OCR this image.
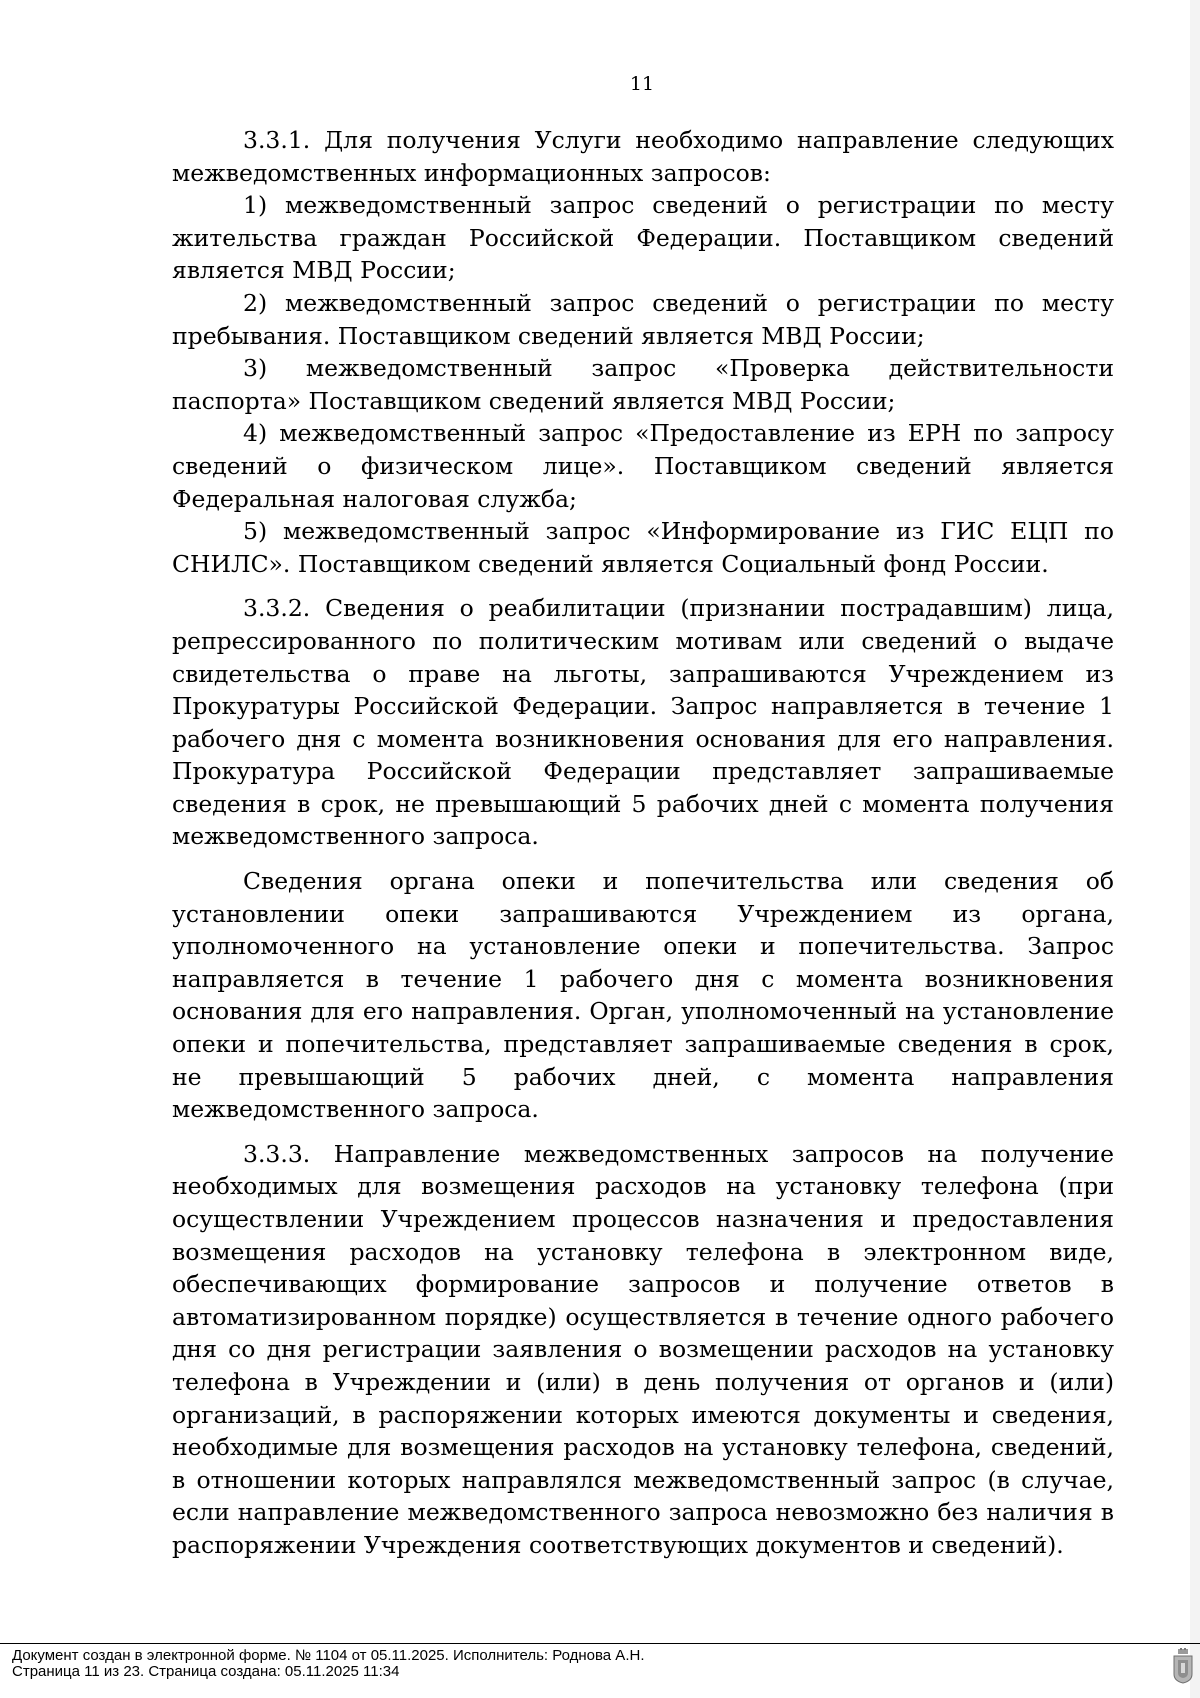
11

3.3.1. Для получения Услуги необходимо направление следующих межведомственных информационных запросов:

1) межведомственный запрос сведений о регистрации по месту жительства граждан Российской Федерации. Поставщиком сведений является МВД России;

2) межведомственный запрос сведений о регистрации по месту пребывания. Поставщиком сведений является МВД России;

3) межведомственный запрос «Проверка действительности паспорта» Поставщиком сведений является МВД России;

4) межведомственный запрос «Предоставление из ЕРН по запросу сведений о физическом лице». Поставщиком сведений является Федеральная налоговая служба;

5) межведомственный запрос «Информирование из ГИС ЕЦП по СНИЛС». Поставщиком сведений является Социальный фонд России.

3.3.2. Сведения о реабилитации (признании пострадавшим) лица, репрессированного по политическим мотивам или сведений о выдаче свидетельства о праве на льготы, запрашиваются Учреждением из Прокуратуры Российской Федерации. Запрос направляется в течение 1 рабочего дня с момента возникновения основания для его направления. Прокуратура Российской Федерации представляет запрашиваемые сведения в срок, не превышающий 5 рабочих дней с момента получения межведомственного запроса.

Сведения органа опеки и попечительства или сведения об установлении опеки запрашиваются Учреждением из органа, уполномоченного на установление опеки и попечительства. Запрос направляется в течение 1 рабочего дня с момента возникновения основания для его направления. Орган, уполномоченный на установление опеки и попечительства, представляет запрашиваемые сведения в срок, не превышающий 5 рабочих дней, с момента направления межведомственного запроса.

3.3.3. Направление межведомственных запросов на получение необходимых для возмещения расходов на установку телефона (при осуществлении Учреждением процессов назначения и предоставления возмещения расходов на установку телефона в электронном виде, обеспечивающих формирование запросов и получение ответов в автоматизированном порядке) осуществляется в течение одного рабочего дня со дня регистрации заявления о возмещении расходов на установку телефона в Учреждении и (или) в день получения от органов и (или) организаций, в распоряжении которых имеются документы и сведения, необходимые для возмещения расходов на установку телефона, сведений, в отношении которых направлялся межведомственный запрос (в случае, если направление межведомственного запроса невозможно без наличия в распоряжении Учреждения соответствующих документов и сведений).

Документ создан в электронной форме. № 1104 от 05.11.2025. Исполнитель: Роднова А.Н.
Страница 11 из 23. Страница создана: 05.11.2025 11:34
